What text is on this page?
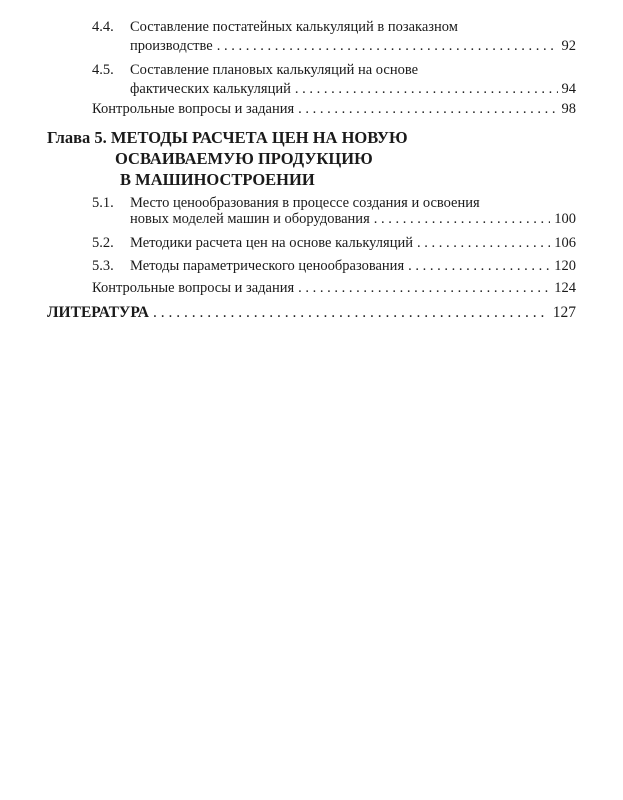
4.4. Составление постатейных калькуляций в позаказном
производстве . . .	92
4.5. Составление плановых калькуляций на основе
фактических калькуляций . . .	94
Контрольные вопросы и задания . . .	98
Глава 5. МЕТОДЫ РАСЧЕТА ЦЕН НА НОВУЮ
ОСВАИВАЕМУЮ ПРОДУКЦИЮ
В МАШИНОСТРОЕНИИ
5.1. Место ценообразования в процессе создания и освоения
новых моделей машин и оборудования . . .	100
5.2. Методики расчета цен на основе калькуляций . . .	106
5.3. Методы параметрического ценообразования . . .	120
Контрольные вопросы и задания . . .	124
ЛИТЕРАТУРА . . .	127
